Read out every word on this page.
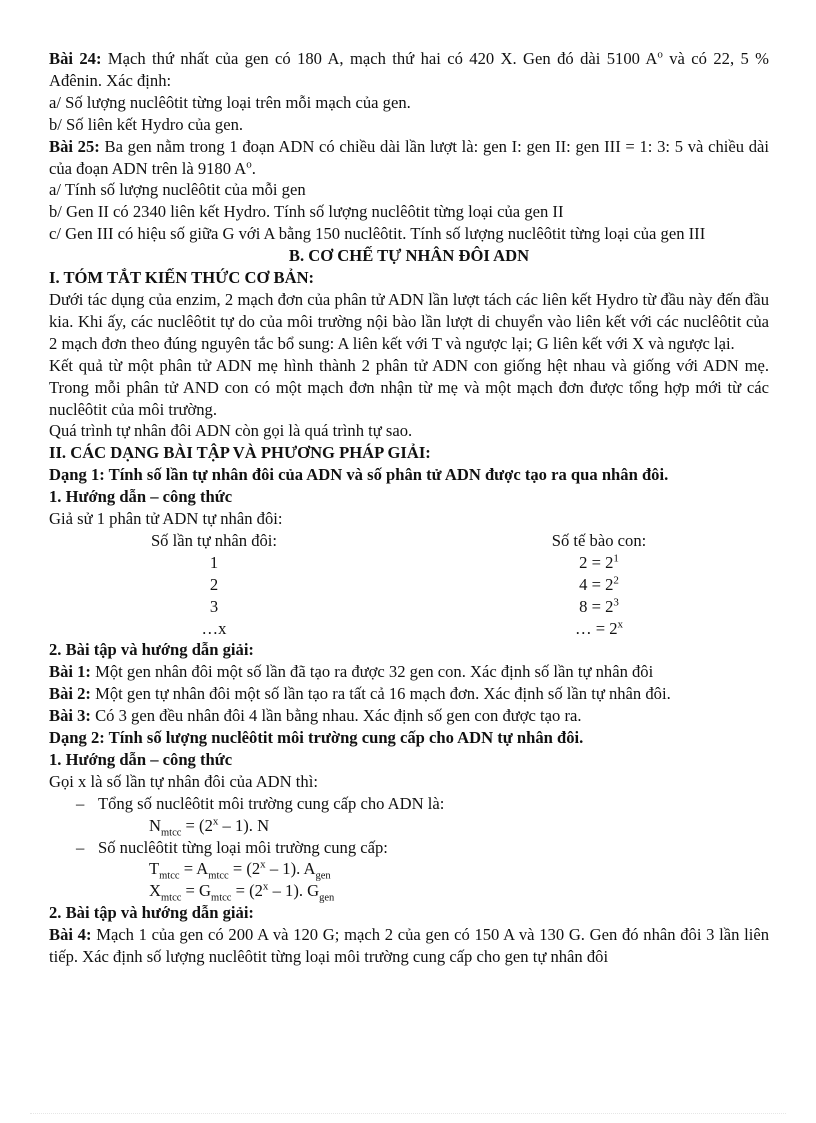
Bài 24: Mạch thứ nhất của gen có 180 A, mạch thứ hai có 420 X. Gen đó dài 5100 $A^o$ và có 22, 5 % Ađênin. Xác định:

a/ Số lượng nuclêôtit từng loại trên mỗi mạch của gen.

b/ Số liên kết Hydro của gen.

Bài 25: Ba gen nằm trong 1 đoạn ADN có chiều dài lần lượt là: gen I: gen II: gen III = 1: 3: 5 và chiều dài của đoạn ADN trên là 9180 $A^o$.

a/ Tính số lượng nuclêôtit của mỗi gen

b/ Gen II có 2340 liên kết Hydro. Tính số lượng nuclêôtit từng loại của gen II

c/ Gen III có hiệu số giữa G với A bằng 150 nuclêôtit. Tính số lượng nuclêôtit từng loại của gen III

B. CƠ CHẾ TỰ NHÂN ĐÔI ADN

I. TÓM TẮT KIẾN THỨC CƠ BẢN:

Dưới tác dụng của enzim, 2 mạch đơn của phân tử ADN lần lượt tách các liên kết Hydro từ đầu này đến đầu kia. Khi ấy, các nuclêôtit tự do của môi trường nội bào lần lượt di chuyển vào liên kết với các nuclêôtit của 2 mạch đơn theo đúng nguyên tắc bổ sung: A liên kết với T và ngược lại; G liên kết với X và ngược lại.

Kết quả từ một phân tử ADN mẹ hình thành 2 phân tử ADN con giống hệt nhau và giống với ADN mẹ. Trong mỗi phân tử AND con có một mạch đơn nhận từ mẹ và một mạch đơn được tổng hợp mới từ các nuclêôtit của môi trường.

Quá trình tự nhân đôi ADN còn gọi là quá trình tự sao.

II. CÁC DẠNG BÀI TẬP VÀ PHƯƠNG PHÁP GIẢI:

Dạng 1: Tính số lần tự nhân đôi của ADN và số phân tử ADN được tạo ra qua nhân đôi.

1. Hướng dẫn – công thức

Giả sử 1 phân tử ADN tự nhân đôi:

Số lần tự nhân đôi:	Số tế bào con:
1	$2 = 2^1$
2	$4 = 2^2$
3	$8 = 2^3$
…x	… = $2^x$

2. Bài tập và hướng dẫn giải:

Bài 1: Một gen nhân đôi một số lần đã tạo ra được 32 gen con. Xác định số lần tự nhân đôi

Bài 2: Một gen tự nhân đôi một số lần tạo ra tất cả 16 mạch đơn. Xác định số lần tự nhân đôi.

Bài 3: Có 3 gen đều nhân đôi 4 lần bằng nhau. Xác định số gen con được tạo ra.

Dạng 2: Tính số lượng nuclêôtit môi trường cung cấp cho ADN tự nhân đôi.

1. Hướng dẫn – công thức

Gọi x là số lần tự nhân đôi của ADN thì:

– Tổng số nuclêôtit môi trường cung cấp cho ADN là:

$N_{mtcc} = (2^x - 1)$. N

– Số nuclêôtit từng loại môi trường cung cấp:

$T_{mtcc} = A_{mtcc} = (2^x - 1)$. $A_{gen}$

$X_{mtcc} = G_{mtcc} = (2^x - 1)$. $G_{gen}$

2. Bài tập và hướng dẫn giải:

Bài 4: Mạch 1 của gen có 200 A và 120 G; mạch 2 của gen có 150 A và 130 G. Gen đó nhân đôi 3 lần liên tiếp. Xác định số lượng nuclêôtit từng loại môi trường cung cấp cho gen tự nhân đôi
